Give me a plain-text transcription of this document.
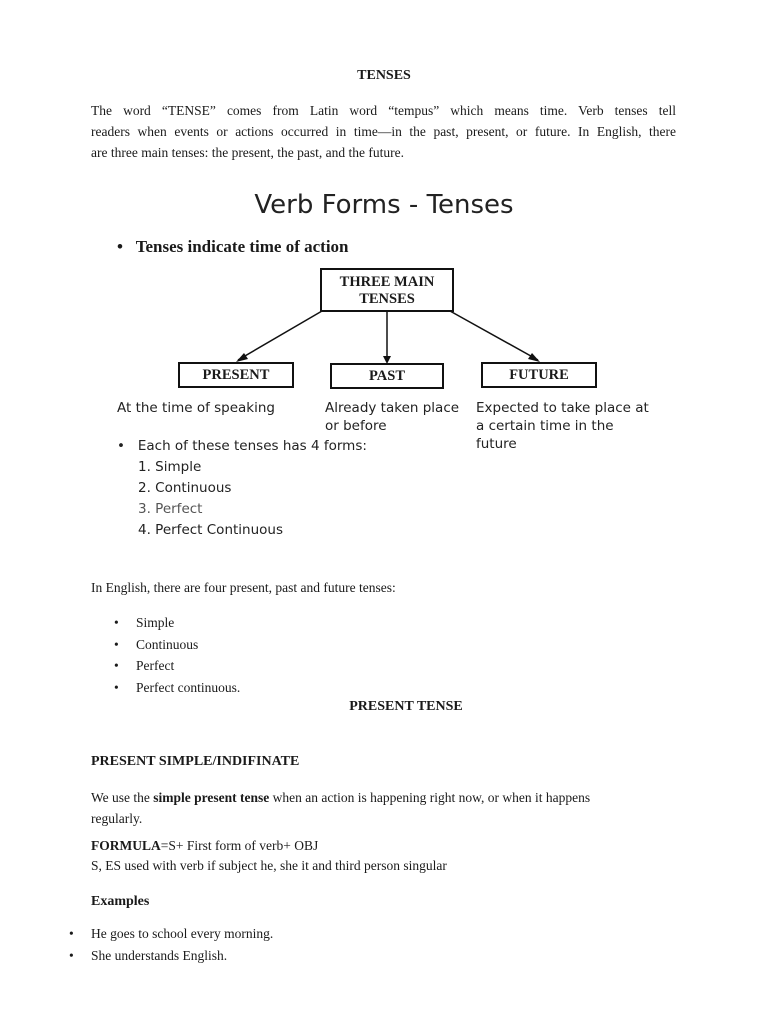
TENSES
The word “TENSE” comes from Latin word “tempus” which means time. Verb tenses tell
readers when events or actions occurred in time—in the past, present, or future. In English, there
are three main tenses: the present, the past, and the future.
Verb Forms - Tenses
•   Tenses indicate time of action
THREE MAIN TENSES
PRESENT	PAST	FUTURE
At the time of speaking	Already taken place or before
Expected to take place at a certain time in the future
•   Each of these tenses has 4 forms:
1. Simple
2. Continuous
3. Perfect
4. Perfect Continuous
In English, there are four present, past and future tenses:
• Simple
• Continuous
• Perfect
• Perfect continuous.
PRESENT TENSE
PRESENT SIMPLE/INDIFINATE
We use the simple present tense when an action is happening right now, or when it happens
regularly.
FORMULA=S+ First form of verb+ OBJ
S, ES used with verb if subject he, she it and third person singular
Examples
• He goes to school every morning.
• She understands English.
